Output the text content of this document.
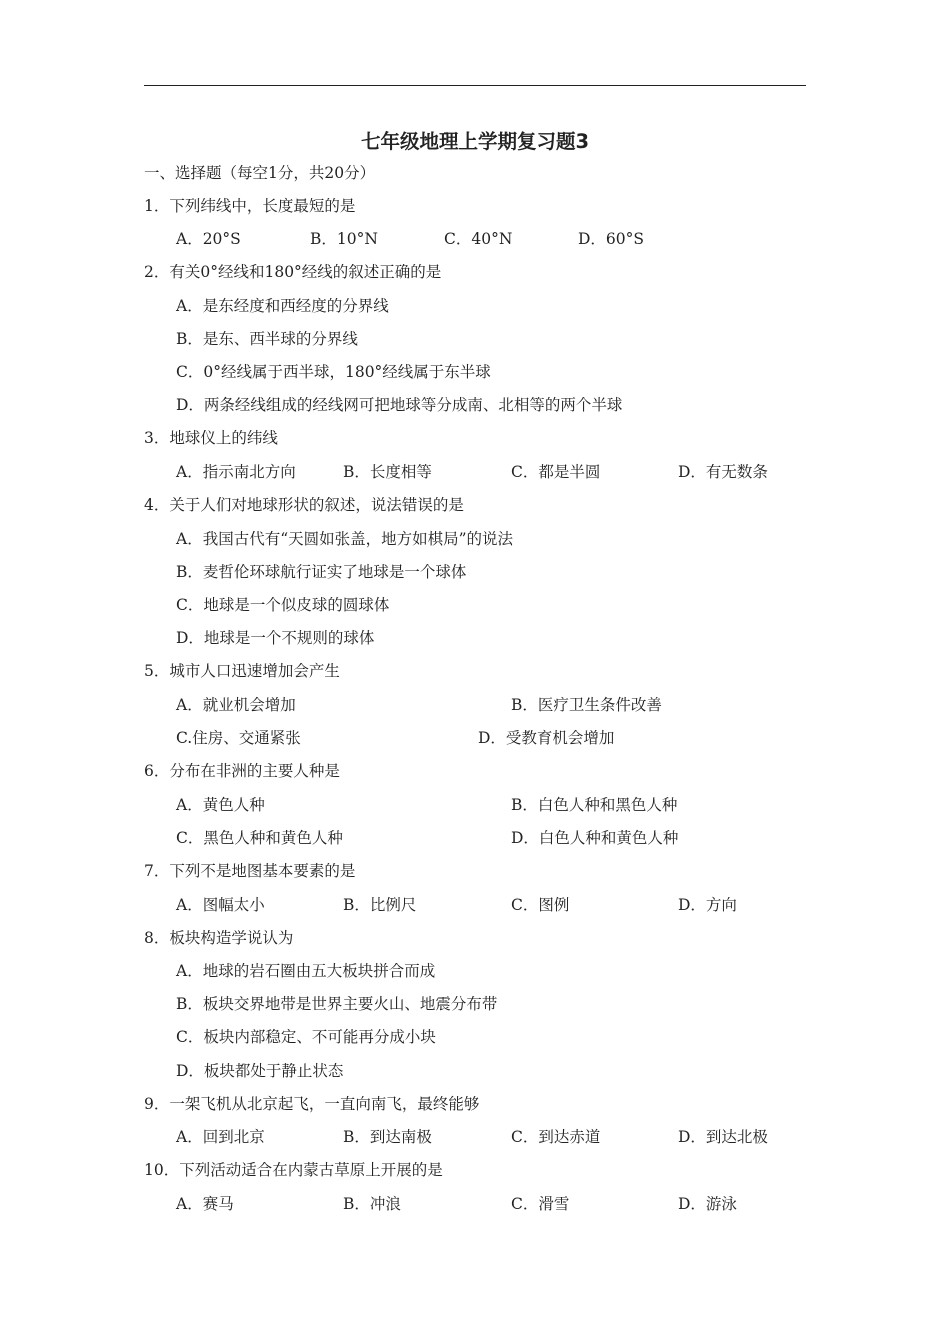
七年级地理上学期复习题3
一、选择题（每空1分，共20分）
1．下列纬线中，长度最短的是
A．20°S	B．10°N	C．40°N	D．60°S
2．有关0°经线和180°经线的叙述正确的是
A．是东经度和西经度的分界线
B．是东、西半球的分界线
C．0°经线属于西半球，180°经线属于东半球
D．两条经线组成的经线网可把地球等分成南、北相等的两个半球
3．地球仪上的纬线
A．指示南北方向	B．长度相等	C．都是半圆	D．有无数条
4．关于人们对地球形状的叙述，说法错误的是
A．我国古代有“天圆如张盖，地方如棋局”的说法
B．麦哲伦环球航行证实了地球是一个球体
C．地球是一个似皮球的圆球体
D．地球是一个不规则的球体
5．城市人口迅速增加会产生
A．就业机会增加	B．医疗卫生条件改善
C.住房、交通紧张	D．受教育机会增加
6．分布在非洲的主要人种是
A．黄色人种	B．白色人种和黑色人种
C．黑色人种和黄色人种	D．白色人种和黄色人种
7．下列不是地图基本要素的是
A．图幅太小	B．比例尺	C．图例	D．方向
8．板块构造学说认为
A．地球的岩石圈由五大板块拼合而成
B．板块交界地带是世界主要火山、地震分布带
C．板块内部稳定、不可能再分成小块
D．板块都处于静止状态
9．一架飞机从北京起飞，一直向南飞，最终能够
A．回到北京	B．到达南极	C．到达赤道	D．到达北极
10．下列活动适合在内蒙古草原上开展的是
A．赛马	B．冲浪	C．滑雪	D．游泳
